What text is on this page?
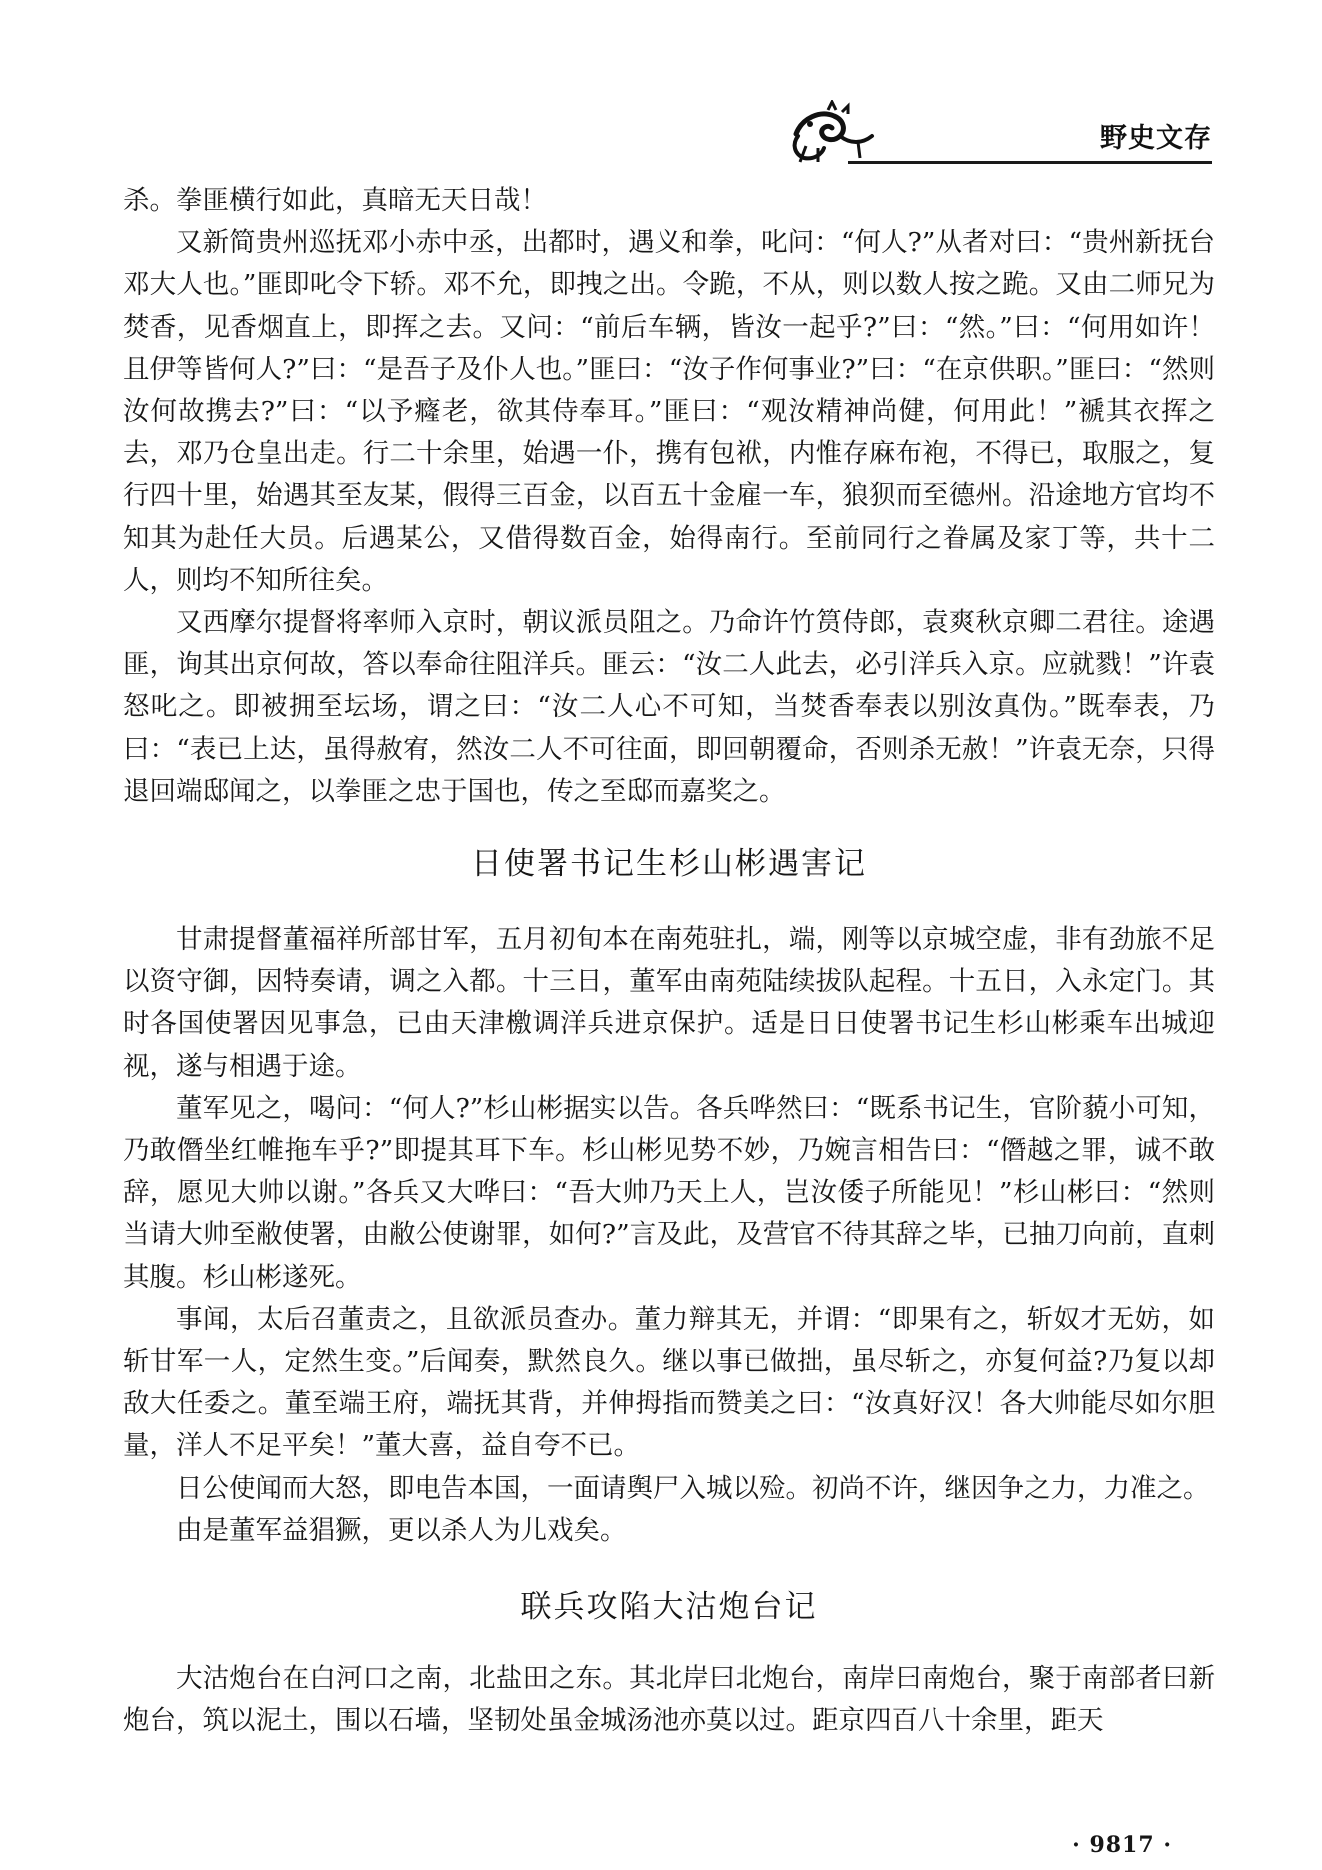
野史文存

杀。拳匪横行如此，真暗无天日哉！

又新简贵州巡抚邓小赤中丞，出都时，遇义和拳，叱问：“何人?”从者对曰：“贵州新抚台邓大人也。”匪即叱令下轿。邓不允，即拽之出。令跪，不从，则以数人按之跪。又由二师兄为焚香，见香烟直上，即挥之去。又问：“前后车辆，皆汝一起乎?”曰：“然。”曰：“何用如许！且伊等皆何人?”曰：“是吾子及仆人也。”匪曰：“汝子作何事业?”曰：“在京供职。”匪曰：“然则汝何故携去?”曰：“以予癃老，欲其侍奉耳。”匪曰：“观汝精神尚健，何用此！”褫其衣挥之去，邓乃仓皇出走。行二十余里，始遇一仆，携有包袱，内惟存麻布袍，不得已，取服之，复行四十里，始遇其至友某，假得三百金，以百五十金雇一车，狼狈而至德州。沿途地方官均不知其为赴任大员。后遇某公，又借得数百金，始得南行。至前同行之眷属及家丁等，共十二人，则均不知所往矣。

又西摩尔提督将率师入京时，朝议派员阻之。乃命许竹筼侍郎，袁爽秋京卿二君往。途遇匪，询其出京何故，答以奉命往阻洋兵。匪云：“汝二人此去，必引洋兵入京。应就戮！”许袁怒叱之。即被拥至坛场，谓之曰：“汝二人心不可知，当焚香奉表以别汝真伪。”既奉表，乃曰：“表已上达，虽得赦宥，然汝二人不可往面，即回朝覆命，否则杀无赦！”许袁无奈，只得退回端邸闻之，以拳匪之忠于国也，传之至邸而嘉奖之。

日使署书记生杉山彬遇害记

甘肃提督董福祥所部甘军，五月初旬本在南苑驻扎，端，刚等以京城空虚，非有劲旅不足以资守御，因特奏请，调之入都。十三日，董军由南苑陆续拔队起程。十五日，入永定门。其时各国使署因见事急，已由天津檄调洋兵进京保护。适是日日使署书记生杉山彬乘车出城迎视，遂与相遇于途。

董军见之，喝问：“何人?”杉山彬据实以告。各兵哗然曰：“既系书记生，官阶藐小可知，乃敢僭坐红帷拖车乎?”即提其耳下车。杉山彬见势不妙，乃婉言相告曰：“僭越之罪，诚不敢辞，愿见大帅以谢。”各兵又大哗曰：“吾大帅乃天上人，岂汝倭子所能见！”杉山彬曰：“然则当请大帅至敝使署，由敝公使谢罪，如何?”言及此，及营官不待其辞之毕，已抽刀向前，直刺其腹。杉山彬遂死。

事闻，太后召董责之，且欲派员查办。董力辩其无，并谓：“即果有之，斩奴才无妨，如斩甘军一人，定然生变。”后闻奏，默然良久。继以事已做拙，虽尽斩之，亦复何益?乃复以却敌大任委之。董至端王府，端抚其背，并伸拇指而赞美之曰：“汝真好汉！各大帅能尽如尔胆量，洋人不足平矣！”董大喜，益自夸不已。

日公使闻而大怒，即电告本国，一面请舆尸入城以殓。初尚不许，继因争之力，力准之。

由是董军益猖獗，更以杀人为儿戏矣。

联兵攻陷大沽炮台记

大沽炮台在白河口之南，北盐田之东。其北岸曰北炮台，南岸曰南炮台，聚于南部者曰新炮台，筑以泥土，围以石墙，坚韧处虽金城汤池亦莫以过。距京四百八十余里，距天

· 9817 ·
